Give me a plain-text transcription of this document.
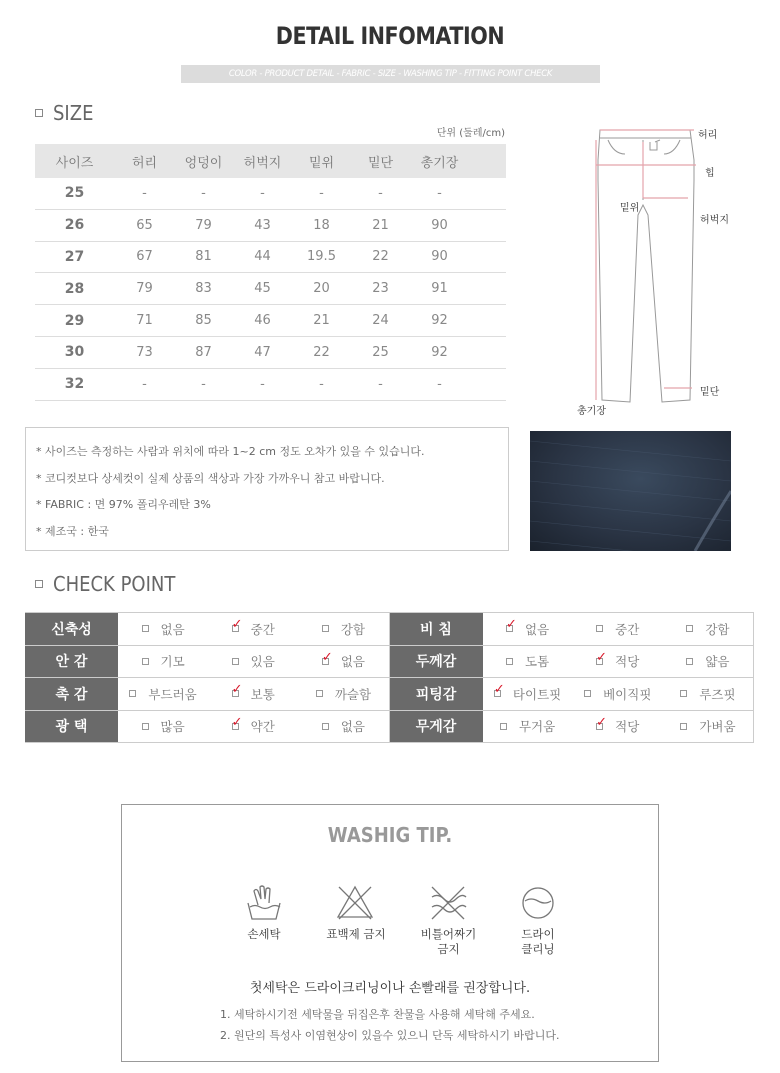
DETAIL INFOMATION
COLOR - PRODUCT DETAIL - FABRIC - SIZE - WASHING TIP - FITTING POINT CHECK
SIZE
단위 (둘레/cm)
사이즈	허리	엉덩이	허벅지	밑위	밑단	총기장
25	-	-	-	-	-	-
26	65	79	43	18	21	90
27	67	81	44	19.5	22	90
28	79	83	45	20	23	91
29	71	85	46	21	24	92
30	73	87	47	22	25	92
32	-	-	-	-	-	-
허리
힙
밑위
허벅지
밑단
총기장

* 사이즈는 측정하는 사람과 위치에 따라 1~2 cm 정도 오차가 있을 수 있습니다.

* 코디컷보다 상세컷이 실제 상품의 색상과 가장 가까우니 참고 바랍니다.

* FABRIC : 면 97% 폴리우레탄 3%

* 제조국 : 한국

CHECK POINT
신축성	없음	✓ 중간	강함	비 침	✓ 없음	중간	강함
안 감	기모	있음	✓ 없음	두께감	도톰	✓ 적당	얇음
촉 감	부드러움	✓ 보통	까슬함	피팅감	✓ 타이트핏	베이직핏	루즈핏
광 택	많음	✓ 약간	없음	무게감	무거움	✓ 적당	가벼움
WASHIG TIP.
손세탁	표백제 금지	비틀어짜기
금지
드라이
클리닝
첫세탁은 드라이크리닝이나 손빨래를 권장합니다.
1. 세탁하시기전 세탁물을 뒤집은후 찬물을 사용해 세탁해 주세요.
2. 원단의 특성사 이염현상이 있을수 있으니 단독 세탁하시기 바랍니다.
